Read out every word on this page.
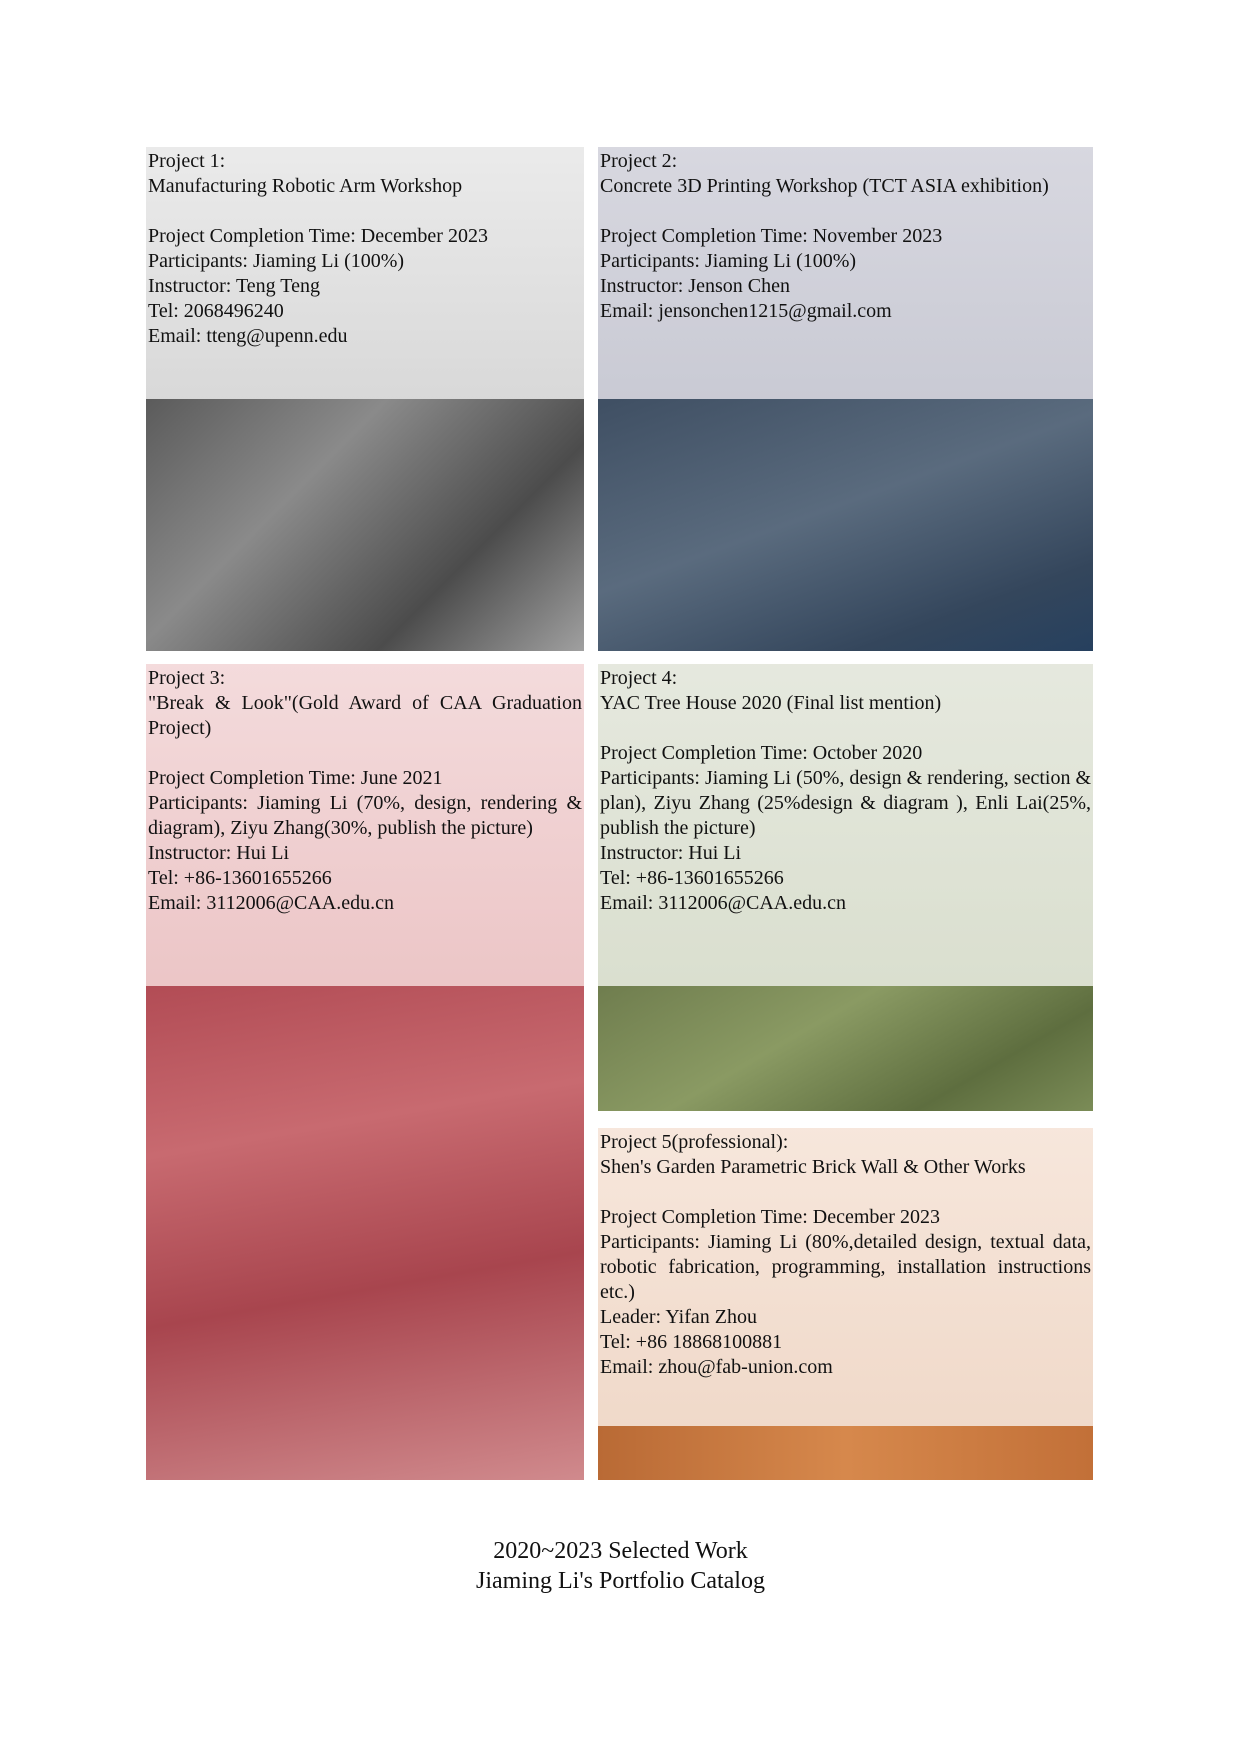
Project 1:
Manufacturing Robotic Arm Workshop
Project Completion Time: December 2023
Participants: Jiaming Li (100%)
Instructor: Teng Teng
Tel: 2068496240
Email: tteng@upenn.edu
Project 2:
Concrete 3D Printing Workshop (TCT ASIA exhibition)
Project Completion Time: November 2023
Participants: Jiaming Li (100%)
Instructor: Jenson Chen
Email: jensonchen1215@gmail.com
Project 3:
"Break & Look"(Gold Award of CAA Graduation Project)
Project Completion Time: June 2021
Participants: Jiaming Li (70%, design, rendering & diagram), Ziyu Zhang(30%, publish the picture)
Instructor: Hui Li
Tel: +86-13601655266
Email: 3112006@CAA.edu.cn
Project 4:
YAC Tree House 2020 (Final list mention)
Project Completion Time: October 2020
Participants: Jiaming Li (50%, design & rendering, section & plan), Ziyu Zhang (25%design & diagram ), Enli Lai(25%, publish the picture)
Instructor: Hui Li
Tel: +86-13601655266
Email: 3112006@CAA.edu.cn
Project 5(professional):
Shen's Garden Parametric Brick Wall & Other Works
Project Completion Time: December 2023
Participants: Jiaming Li (80%,detailed design, textual data, robotic fabrication, programming, installation instructions etc.)
Leader: Yifan Zhou
Tel: +86 18868100881
Email: zhou@fab-union.com
2020~2023 Selected Work
Jiaming Li's Portfolio Catalog
